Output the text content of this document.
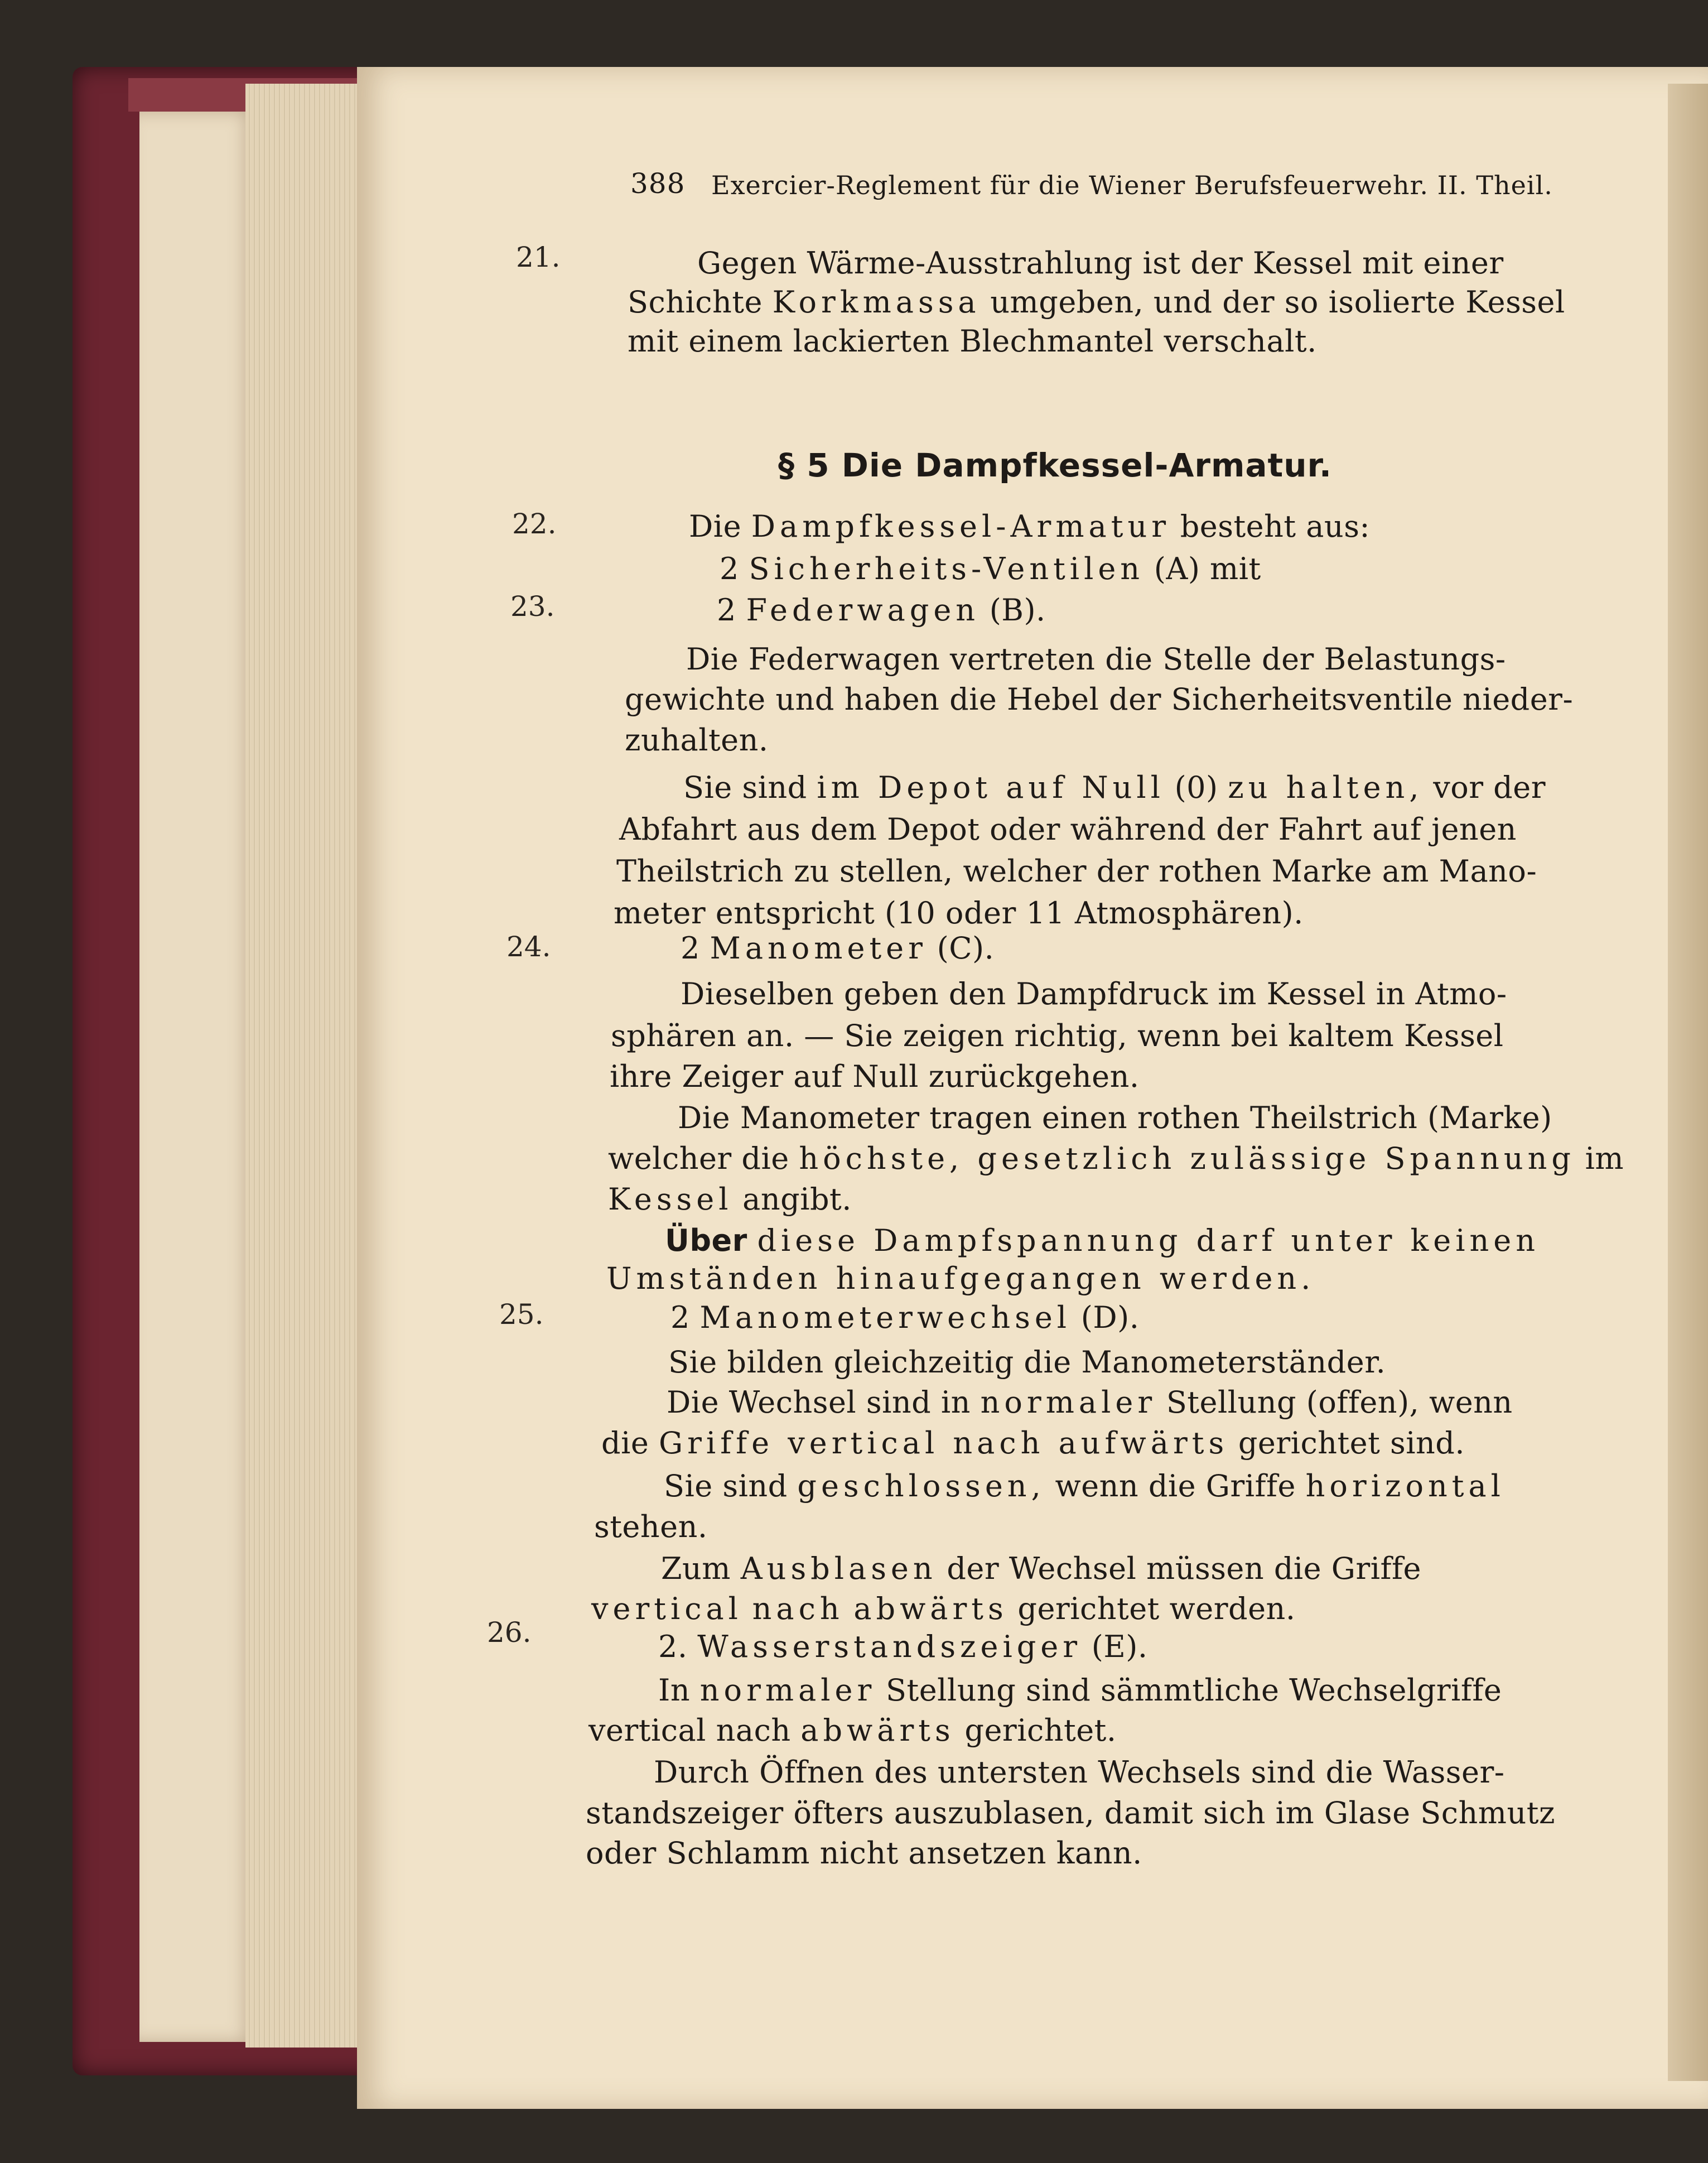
388 Exercier-Reglement für die Wiener Berufsfeuerwehr. II. Theil.
21.
22.
23.
24.
25.
26.
Gegen Wärme-Ausstrahlung ist der Kessel mit einer
Schichte Korkmassa umgeben, und der so isolierte Kessel
mit einem lackierten Blechmantel verschalt.
§ 5 Die Dampfkessel-Armatur.
Die Dampfkessel-Armatur besteht aus:
2 Sicherheits-Ventilen (A) mit
2 Federwagen (B).
Die Federwagen vertreten die Stelle der Belastungs-
gewichte und haben die Hebel der Sicherheitsventile nieder-
zuhalten.
Sie sind im Depot auf Null (0) zu halten, vor der
Abfahrt aus dem Depot oder während der Fahrt auf jenen
Theilstrich zu stellen, welcher der rothen Marke am Mano-
meter entspricht (10 oder 11 Atmosphären).
2 Manometer (C).
Dieselben geben den Dampfdruck im Kessel in Atmo-
sphären an. — Sie zeigen richtig, wenn bei kaltem Kessel
ihre Zeiger auf Null zurückgehen.
Die Manometer tragen einen rothen Theilstrich (Marke)
welcher die höchste, gesetzlich zulässige Spannung im
Kessel angibt.
Über diese Dampfspannung darf unter keinen
Umständen hinaufgegangen werden.
2 Manometerwechsel (D).
Sie bilden gleichzeitig die Manometerständer.
Die Wechsel sind in normaler Stellung (offen), wenn
die Griffe vertical nach aufwärts gerichtet sind.
Sie sind geschlossen, wenn die Griffe horizontal
stehen.
Zum Ausblasen der Wechsel müssen die Griffe
vertical nach abwärts gerichtet werden.
2. Wasserstandszeiger (E).
In normaler Stellung sind sämmtliche Wechselgriffe
vertical nach abwärts gerichtet.
Durch Öffnen des untersten Wechsels sind die Wasser-
standszeiger öfters auszublasen, damit sich im Glase Schmutz
oder Schlamm nicht ansetzen kann.
